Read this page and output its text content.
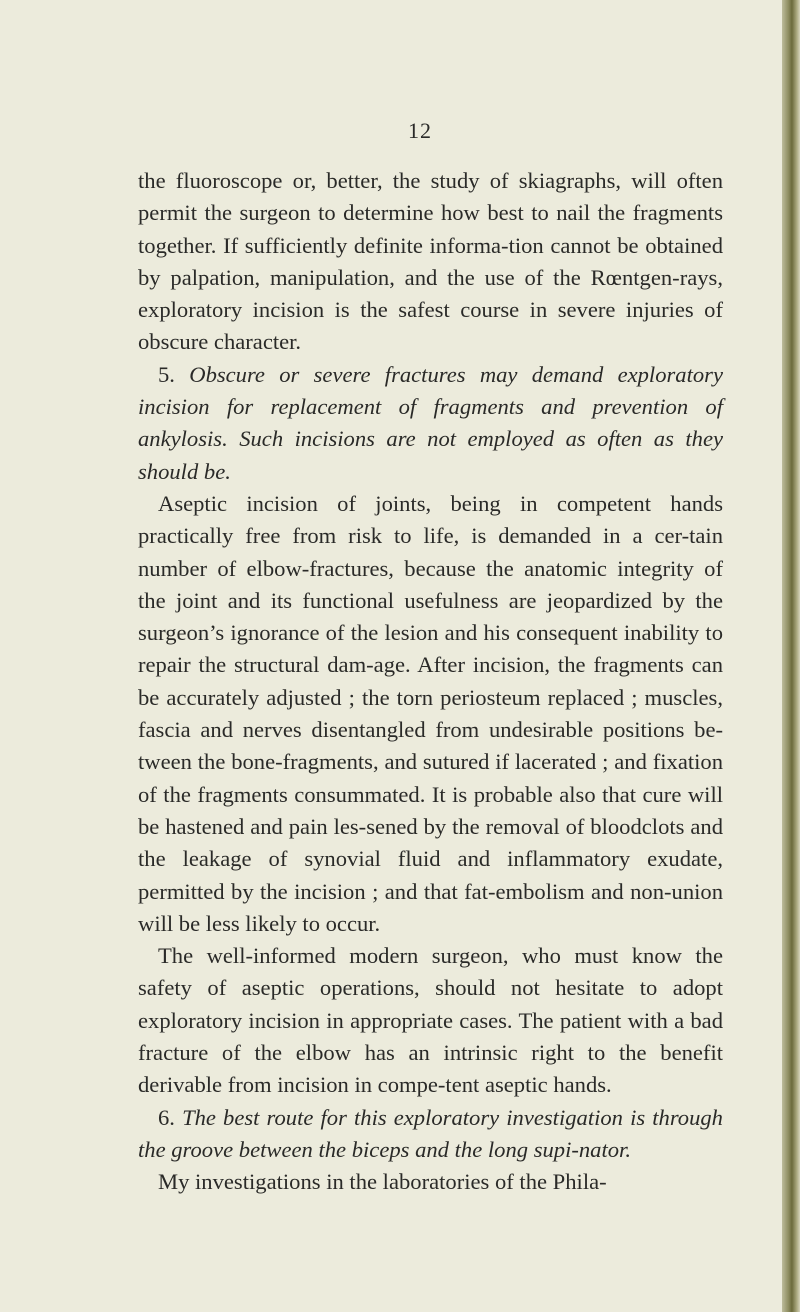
12

the fluoroscope or, better, the study of skiagraphs, will often permit the surgeon to determine how best to nail the fragments together. If sufficiently definite informa-tion cannot be obtained by palpation, manipulation, and the use of the Rœntgen-rays, exploratory incision is the safest course in severe injuries of obscure character.

5. Obscure or severe fractures may demand exploratory incision for replacement of fragments and prevention of ankylosis. Such incisions are not employed as often as they should be.

Aseptic incision of joints, being in competent hands practically free from risk to life, is demanded in a cer-tain number of elbow-fractures, because the anatomic integrity of the joint and its functional usefulness are jeopardized by the surgeon’s ignorance of the lesion and his consequent inability to repair the structural dam-age. After incision, the fragments can be accurately adjusted ; the torn periosteum replaced ; muscles, fascia and nerves disentangled from undesirable positions be-tween the bone-fragments, and sutured if lacerated ; and fixation of the fragments consummated. It is probable also that cure will be hastened and pain les-sened by the removal of bloodclots and the leakage of synovial fluid and inflammatory exudate, permitted by the incision ; and that fat-embolism and non-union will be less likely to occur.

The well-informed modern surgeon, who must know the safety of aseptic operations, should not hesitate to adopt exploratory incision in appropriate cases. The patient with a bad fracture of the elbow has an intrinsic right to the benefit derivable from incision in compe-tent aseptic hands.

6. The best route for this exploratory investigation is through the groove between the biceps and the long supi-nator.

My investigations in the laboratories of the Phila-
